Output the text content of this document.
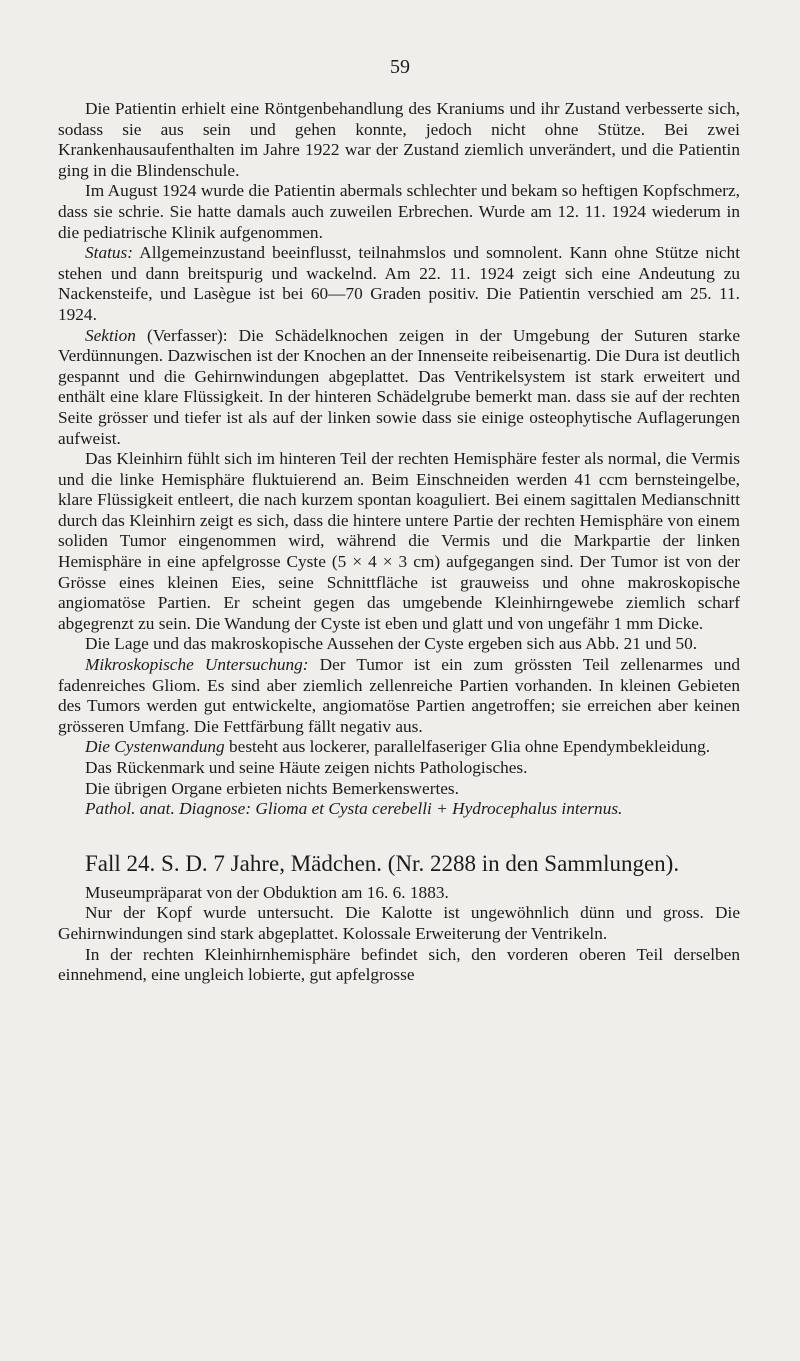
59

Die Patientin erhielt eine Röntgenbehandlung des Kraniums und ihr Zustand verbesserte sich, sodass sie aus sein und gehen konnte, jedoch nicht ohne Stütze. Bei zwei Krankenhausaufenthalten im Jahre 1922 war der Zustand ziemlich unverändert, und die Patientin ging in die Blindenschule.

Im August 1924 wurde die Patientin abermals schlechter und bekam so heftigen Kopfschmerz, dass sie schrie. Sie hatte damals auch zuweilen Erbrechen. Wurde am 12. 11. 1924 wiederum in die pediatrische Klinik aufgenommen.

Status: Allgemeinzustand beeinflusst, teilnahmslos und somnolent. Kann ohne Stütze nicht stehen und dann breitspurig und wackelnd. Am 22. 11. 1924 zeigt sich eine Andeutung zu Nackensteife, und Lasègue ist bei 60—70 Graden positiv. Die Patientin verschied am 25. 11. 1924.

Sektion (Verfasser): Die Schädelknochen zeigen in der Umgebung der Suturen starke Verdünnungen. Dazwischen ist der Knochen an der Innenseite reibeisenartig. Die Dura ist deutlich gespannt und die Gehirnwindungen abgeplattet. Das Ventrikelsystem ist stark erweitert und enthält eine klare Flüssigkeit. In der hinteren Schädelgrube bemerkt man. dass sie auf der rechten Seite grösser und tiefer ist als auf der linken sowie dass sie einige osteophytische Auflagerungen aufweist.

Das Kleinhirn fühlt sich im hinteren Teil der rechten Hemisphäre fester als normal, die Vermis und die linke Hemisphäre fluktuierend an. Beim Einschneiden werden 41 ccm bernsteingelbe, klare Flüssigkeit entleert, die nach kurzem spontan koaguliert. Bei einem sagittalen Medianschnitt durch das Kleinhirn zeigt es sich, dass die hintere untere Partie der rechten Hemisphäre von einem soliden Tumor eingenommen wird, während die Vermis und die Markpartie der linken Hemisphäre in eine apfelgrosse Cyste (5 × 4 × 3 cm) aufgegangen sind. Der Tumor ist von der Grösse eines kleinen Eies, seine Schnittfläche ist grauweiss und ohne makroskopische angiomatöse Partien. Er scheint gegen das umgebende Kleinhirngewebe ziemlich scharf abgegrenzt zu sein. Die Wandung der Cyste ist eben und glatt und von ungefähr 1 mm Dicke.

Die Lage und das makroskopische Aussehen der Cyste ergeben sich aus Abb. 21 und 50.

Mikroskopische Untersuchung: Der Tumor ist ein zum grössten Teil zellenarmes und fadenreiches Gliom. Es sind aber ziemlich zellenreiche Partien vorhanden. In kleinen Gebieten des Tumors werden gut entwickelte, angiomatöse Partien angetroffen; sie erreichen aber keinen grösseren Umfang. Die Fettfärbung fällt negativ aus.

Die Cystenwandung besteht aus lockerer, parallelfaseriger Glia ohne Ependymbekleidung.

Das Rückenmark und seine Häute zeigen nichts Pathologisches.

Die übrigen Organe erbieten nichts Bemerkenswertes.

Pathol. anat. Diagnose: Glioma et Cysta cerebelli + Hydrocephalus internus.

Fall 24. S. D. 7 Jahre, Mädchen. (Nr. 2288 in den Sammlungen).

Museumpräparat von der Obduktion am 16. 6. 1883.

Nur der Kopf wurde untersucht. Die Kalotte ist ungewöhnlich dünn und gross. Die Gehirnwindungen sind stark abgeplattet. Kolossale Erweiterung der Ventrikeln.

In der rechten Kleinhirnhemisphäre befindet sich, den vorderen oberen Teil derselben einnehmend, eine ungleich lobierte, gut apfelgrosse
